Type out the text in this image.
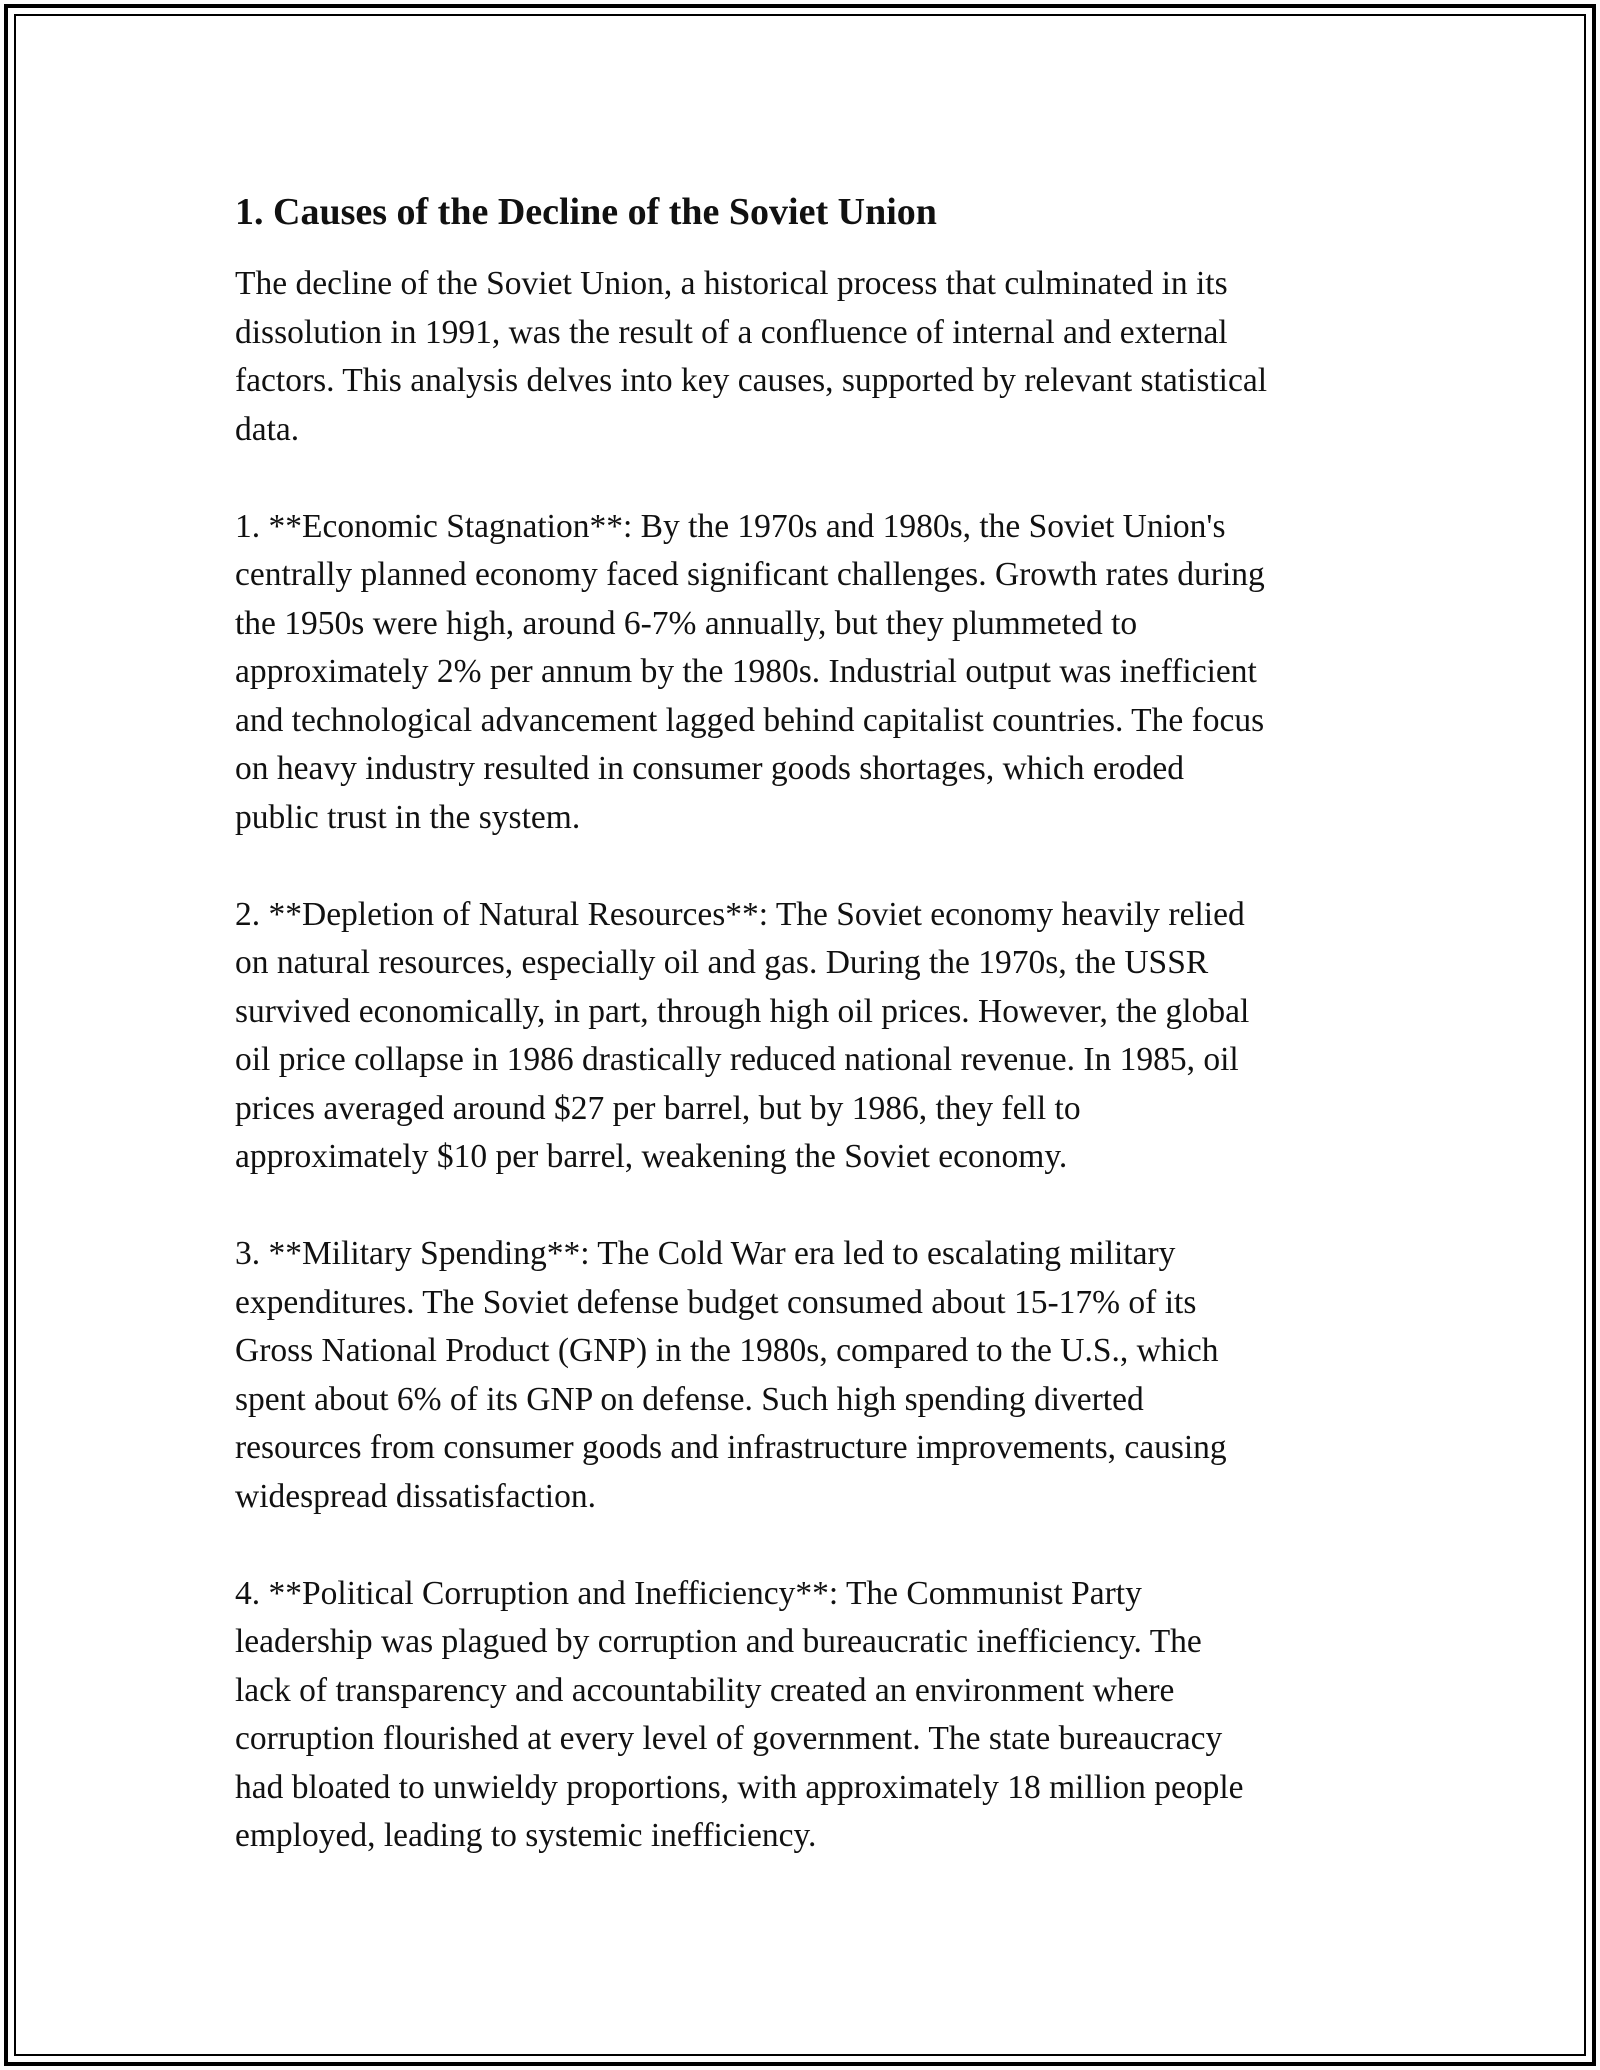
1. Causes of the Decline of the Soviet Union

The decline of the Soviet Union, a historical process that culminated in its
dissolution in 1991, was the result of a confluence of internal and external
factors. This analysis delves into key causes, supported by relevant statistical
data.

1. **Economic Stagnation**: By the 1970s and 1980s, the Soviet Union's
centrally planned economy faced significant challenges. Growth rates during
the 1950s were high, around 6-7% annually, but they plummeted to
approximately 2% per annum by the 1980s. Industrial output was inefficient
and technological advancement lagged behind capitalist countries. The focus
on heavy industry resulted in consumer goods shortages, which eroded
public trust in the system.

2. **Depletion of Natural Resources**: The Soviet economy heavily relied
on natural resources, especially oil and gas. During the 1970s, the USSR
survived economically, in part, through high oil prices. However, the global
oil price collapse in 1986 drastically reduced national revenue. In 1985, oil
prices averaged around $27 per barrel, but by 1986, they fell to
approximately $10 per barrel, weakening the Soviet economy.

3. **Military Spending**: The Cold War era led to escalating military
expenditures. The Soviet defense budget consumed about 15-17% of its
Gross National Product (GNP) in the 1980s, compared to the U.S., which
spent about 6% of its GNP on defense. Such high spending diverted
resources from consumer goods and infrastructure improvements, causing
widespread dissatisfaction.

4. **Political Corruption and Inefficiency**: The Communist Party
leadership was plagued by corruption and bureaucratic inefficiency. The
lack of transparency and accountability created an environment where
corruption flourished at every level of government. The state bureaucracy
had bloated to unwieldy proportions, with approximately 18 million people
employed, leading to systemic inefficiency.
